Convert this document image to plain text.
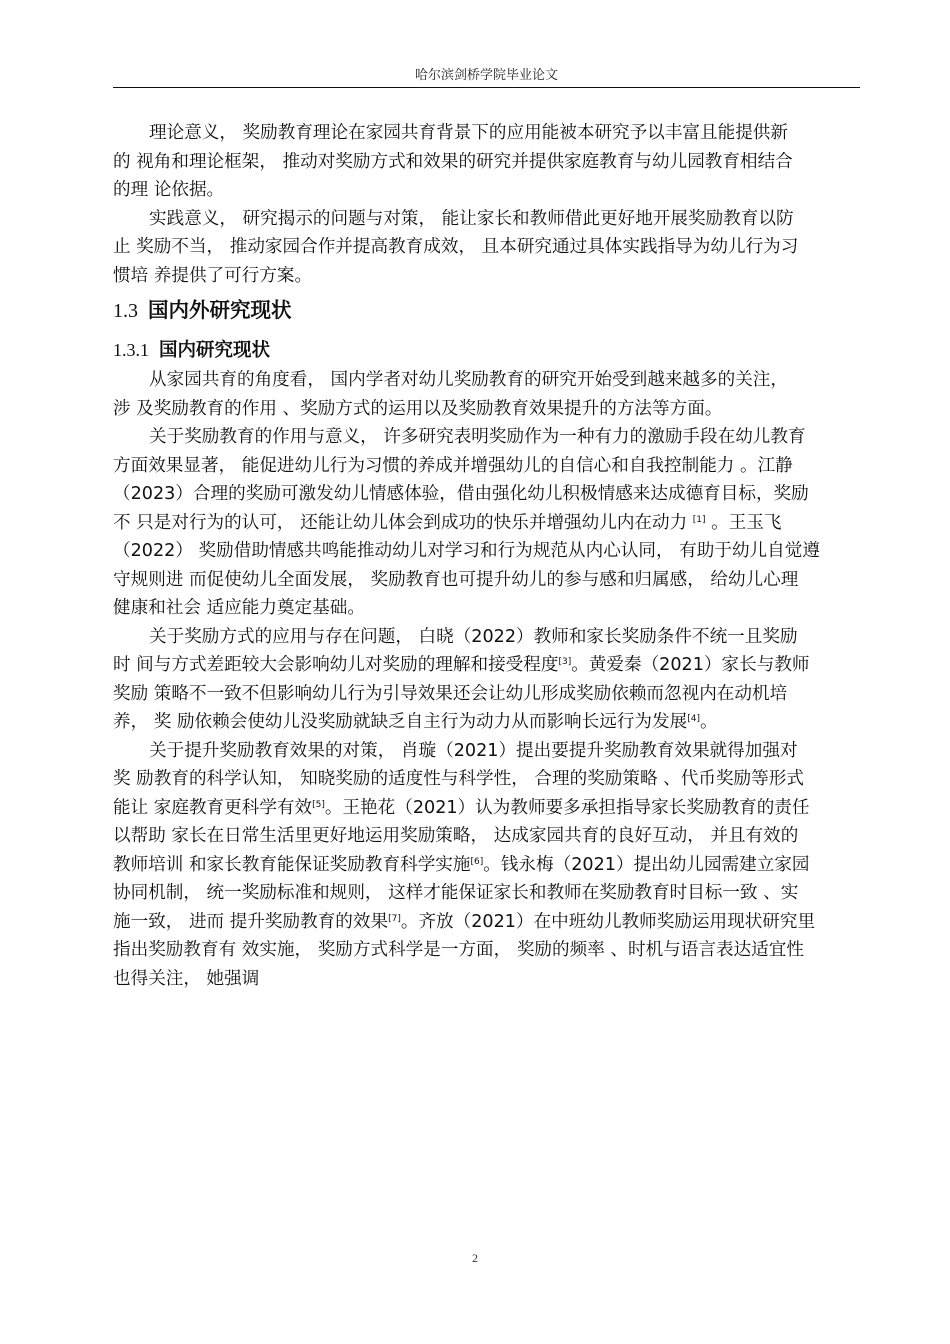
哈尔滨剑桥学院毕业论文

理论意义， 奖励教育理论在家园共育背景下的应用能被本研究予以丰富且能提供新
的 视角和理论框架， 推动对奖励方式和效果的研究并提供家庭教育与幼儿园教育相结合
的理 论依据。

实践意义， 研究揭示的问题与对策， 能让家长和教师借此更好地开展奖励教育以防
止 奖励不当， 推动家园合作并提高教育成效， 且本研究通过具体实践指导为幼儿行为习
惯培 养提供了可行方案。

1.3 国内外研究现状
1.3.1 国内研究现状

从家园共育的角度看， 国内学者对幼儿奖励教育的研究开始受到越来越多的关注，
涉 及奖励教育的作用 、奖励方式的运用以及奖励教育效果提升的方法等方面。

关于奖励教育的作用与意义， 许多研究表明奖励作为一种有力的激励手段在幼儿教育
方面效果显著， 能促进幼儿行为习惯的养成并增强幼儿的自信心和自我控制能力 。江静
（2023）合理的奖励可激发幼儿情感体验，借由强化幼儿积极情感来达成德育目标，奖励
不 只是对行为的认可， 还能让幼儿体会到成功的快乐并增强幼儿内在动力 [1] 。王玉飞
（2022） 奖励借助情感共鸣能推动幼儿对学习和行为规范从内心认同， 有助于幼儿自觉遵
守规则进 而促使幼儿全面发展， 奖励教育也可提升幼儿的参与感和归属感， 给幼儿心理
健康和社会 适应能力奠定基础。

关于奖励方式的应用与存在问题， 白晓（2022）教师和家长奖励条件不统一且奖励
时 间与方式差距较大会影响幼儿对奖励的理解和接受程度[3]。黄爱秦（2021）家长与教师
奖励 策略不一致不但影响幼儿行为引导效果还会让幼儿形成奖励依赖而忽视内在动机培
养， 奖 励依赖会使幼儿没奖励就缺乏自主行为动力从而影响长远行为发展[4]。

关于提升奖励教育效果的对策， 肖璇（2021）提出要提升奖励教育效果就得加强对
奖 励教育的科学认知， 知晓奖励的适度性与科学性， 合理的奖励策略 、代币奖励等形式
能让 家庭教育更科学有效[5]。王艳花（2021）认为教师要多承担指导家长奖励教育的责任
以帮助 家长在日常生活里更好地运用奖励策略， 达成家园共育的良好互动， 并且有效的
教师培训 和家长教育能保证奖励教育科学实施[6]。钱永梅（2021）提出幼儿园需建立家园
协同机制， 统一奖励标准和规则， 这样才能保证家长和教师在奖励教育时目标一致 、实
施一致， 进而 提升奖励教育的效果[7]。齐放（2021）在中班幼儿教师奖励运用现状研究里
指出奖励教育有 效实施， 奖励方式科学是一方面， 奖励的频率 、时机与语言表达适宜性
也得关注， 她强调

2
